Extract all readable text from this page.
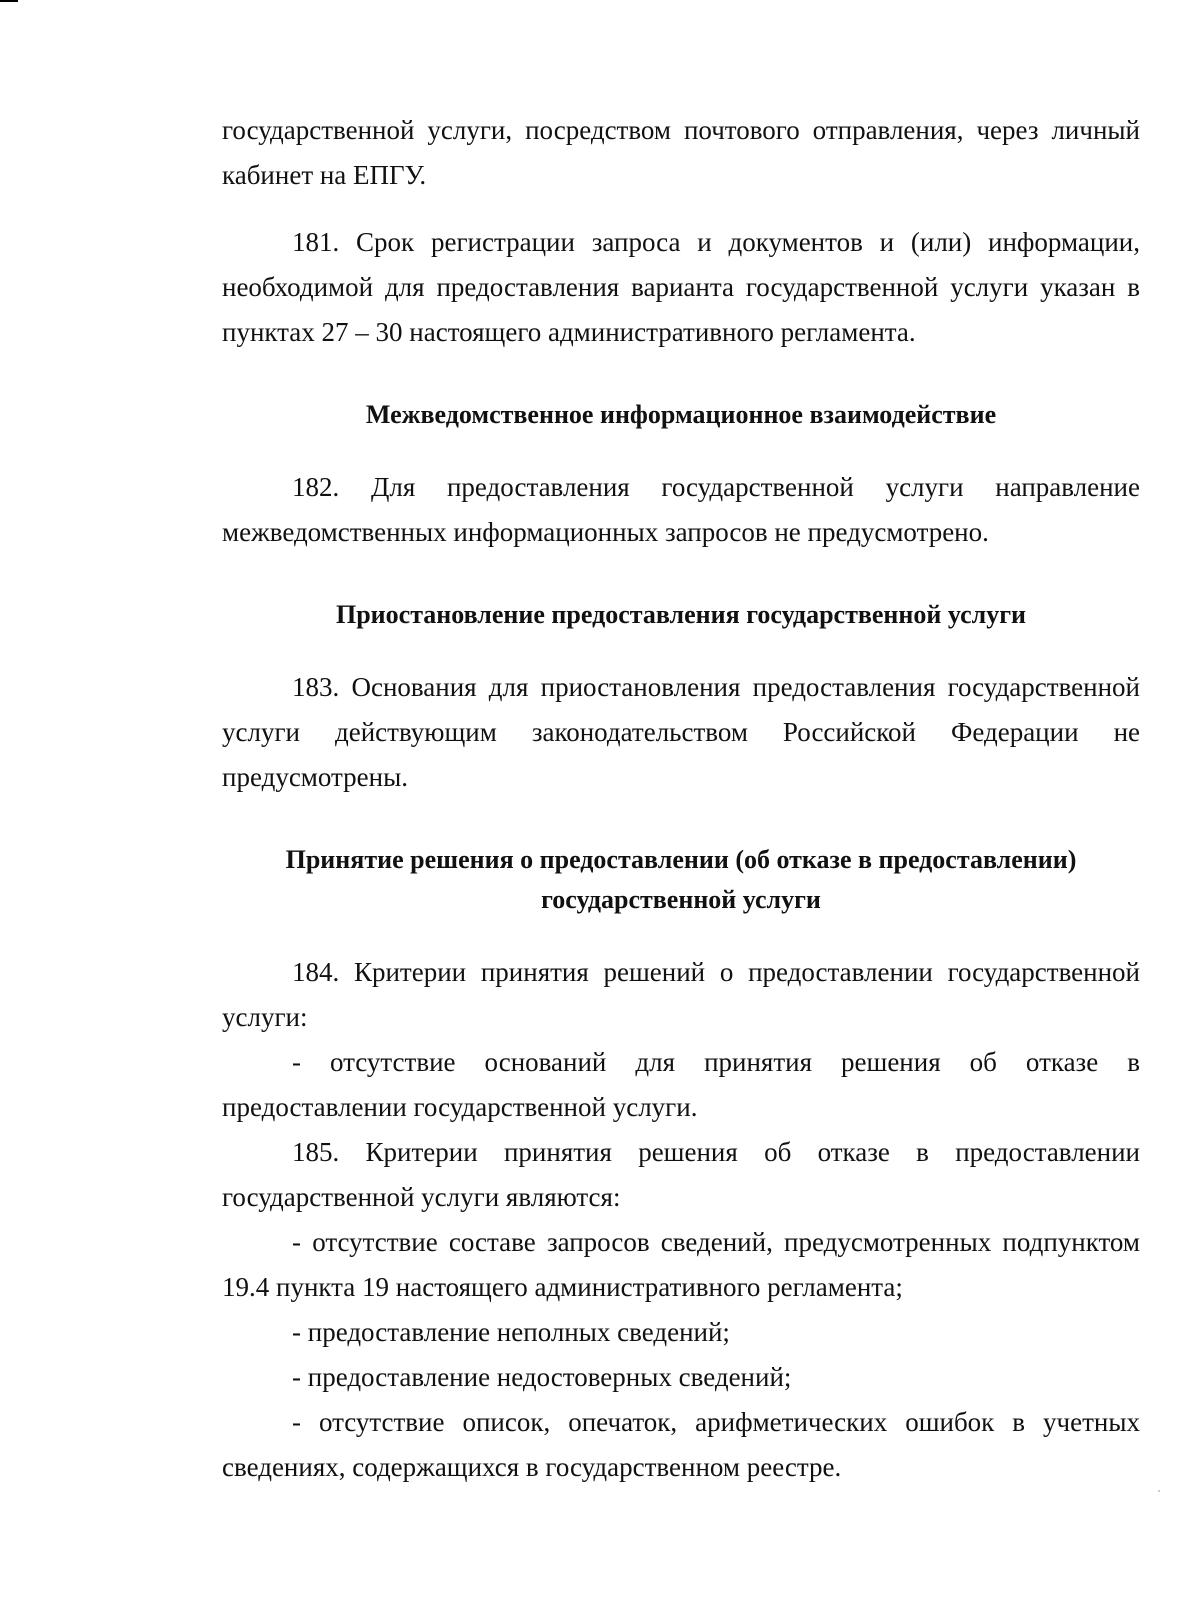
государственной услуги, посредством почтового отправления, через личный кабинет на ЕПГУ.

181. Срок регистрации запроса и документов и (или) информации, необходимой для предоставления варианта государственной услуги указан в пунктах 27 – 30 настоящего административного регламента.

Межведомственное информационное взаимодействие

182. Для предоставления государственной услуги направление межведомственных информационных запросов не предусмотрено.

Приостановление предоставления государственной услуги

183. Основания для приостановления предоставления государственной услуги действующим законодательством Российской Федерации не предусмотрены.

Принятие решения о предоставлении (об отказе в предоставлении)
государственной услуги

184. Критерии принятия решений о предоставлении государственной услуги:

- отсутствие оснований для принятия решения об отказе в предоставлении государственной услуги.

185. Критерии принятия решения об отказе в предоставлении государственной услуги являются:

- отсутствие составе запросов сведений, предусмотренных подпунктом 19.4 пункта 19 настоящего административного регламента;

- предоставление неполных сведений;

- предоставление недостоверных сведений;

- отсутствие описок, опечаток, арифметических ошибок в учетных сведениях, содержащихся в государственном реестре.
